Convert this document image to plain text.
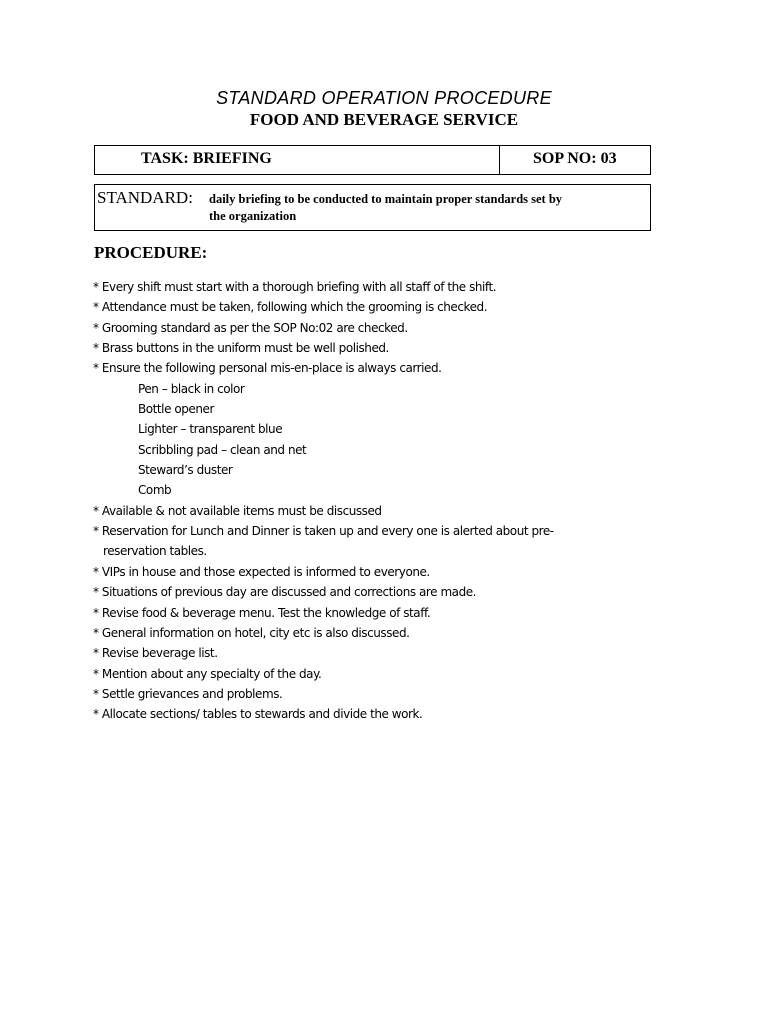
STANDARD OPERATION PROCEDURE
FOOD AND BEVERAGE SERVICE
TASK: BRIEFING	SOP NO: 03
STANDARD: daily briefing to be conducted to maintain proper standards set by
the organization
PROCEDURE:
* Every shift must start with a thorough briefing with all staff of the shift.
* Attendance must be taken, following which the grooming is checked.
* Grooming standard as per the SOP No:02 are checked.
* Brass buttons in the uniform must be well polished.
* Ensure the following personal mis-en-place is always carried.
Pen – black in color
Bottle opener
Lighter – transparent blue
Scribbling pad – clean and net
Steward’s duster
Comb
* Available & not available items must be discussed
* Reservation for Lunch and Dinner is taken up and every one is alerted about pre-
reservation tables.
* VIPs in house and those expected is informed to everyone.
* Situations of previous day are discussed and corrections are made.
* Revise food & beverage menu. Test the knowledge of staff.
* General information on hotel, city etc is also discussed.
* Revise beverage list.
* Mention about any specialty of the day.
* Settle grievances and problems.
* Allocate sections/ tables to stewards and divide the work.
